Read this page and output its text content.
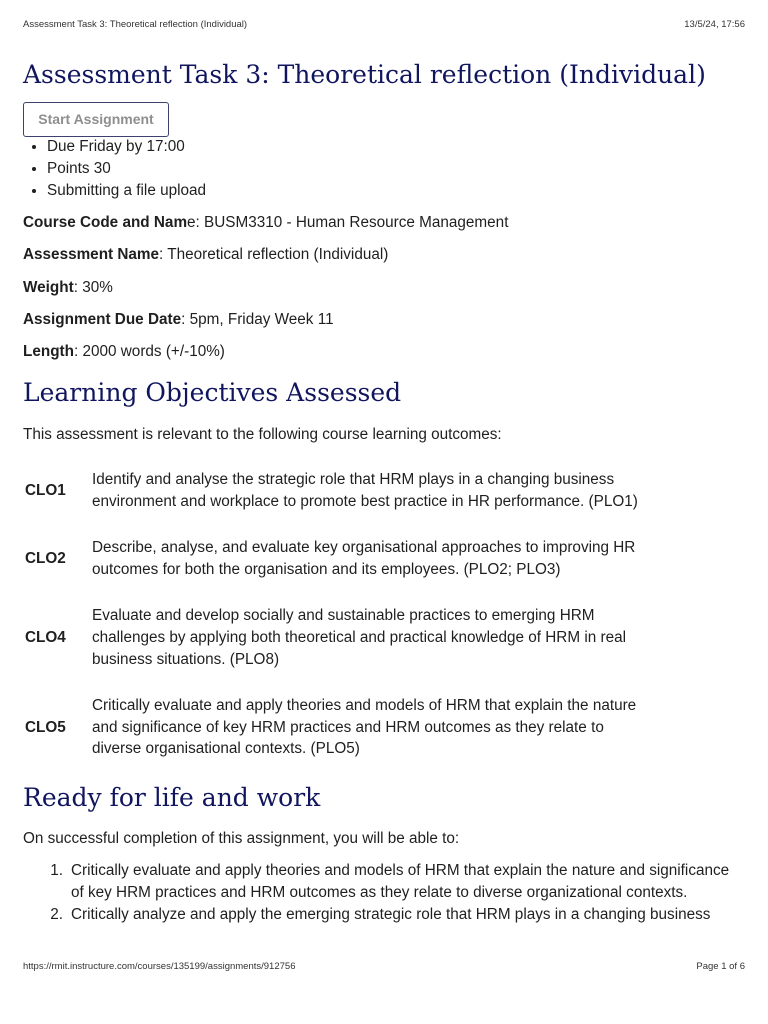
Assessment Task 3: Theoretical reflection (Individual)	13/5/24, 17:56
Assessment Task 3: Theoretical reflection (Individual)
Start Assignment
• Due Friday by 17:00
• Points 30
• Submitting a file upload

Course Code and Name: BUSM3310 - Human Resource Management

Assessment Name: Theoretical reflection (Individual)

Weight: 30%

Assignment Due Date: 5pm, Friday Week 11

Length: 2000 words (+/-10%)

Learning Objectives Assessed

This assessment is relevant to the following course learning outcomes:

CLO1	Identify and analyse the strategic role that HRM plays in a changing business
environment and workplace to promote best practice in HR performance. (PLO1)

CLO2	Describe, analyse, and evaluate key organisational approaches to improving HR
outcomes for both the organisation and its employees. (PLO2; PLO3)

CLO4	Evaluate and develop socially and sustainable practices to emerging HRM
challenges by applying both theoretical and practical knowledge of HRM in real
business situations. (PLO8)

CLO5	Critically evaluate and apply theories and models of HRM that explain the nature
and significance of key HRM practices and HRM outcomes as they relate to
diverse organisational contexts. (PLO5)
Ready for life and work

On successful completion of this assignment, you will be able to:

1. Critically evaluate and apply theories and models of HRM that explain the nature and significance
of key HRM practices and HRM outcomes as they relate to diverse organizational contexts.
2. Critically analyze and apply the emerging strategic role that HRM plays in a changing business
https://rmit.instructure.com/courses/135199/assignments/912756	Page 1 of 6
